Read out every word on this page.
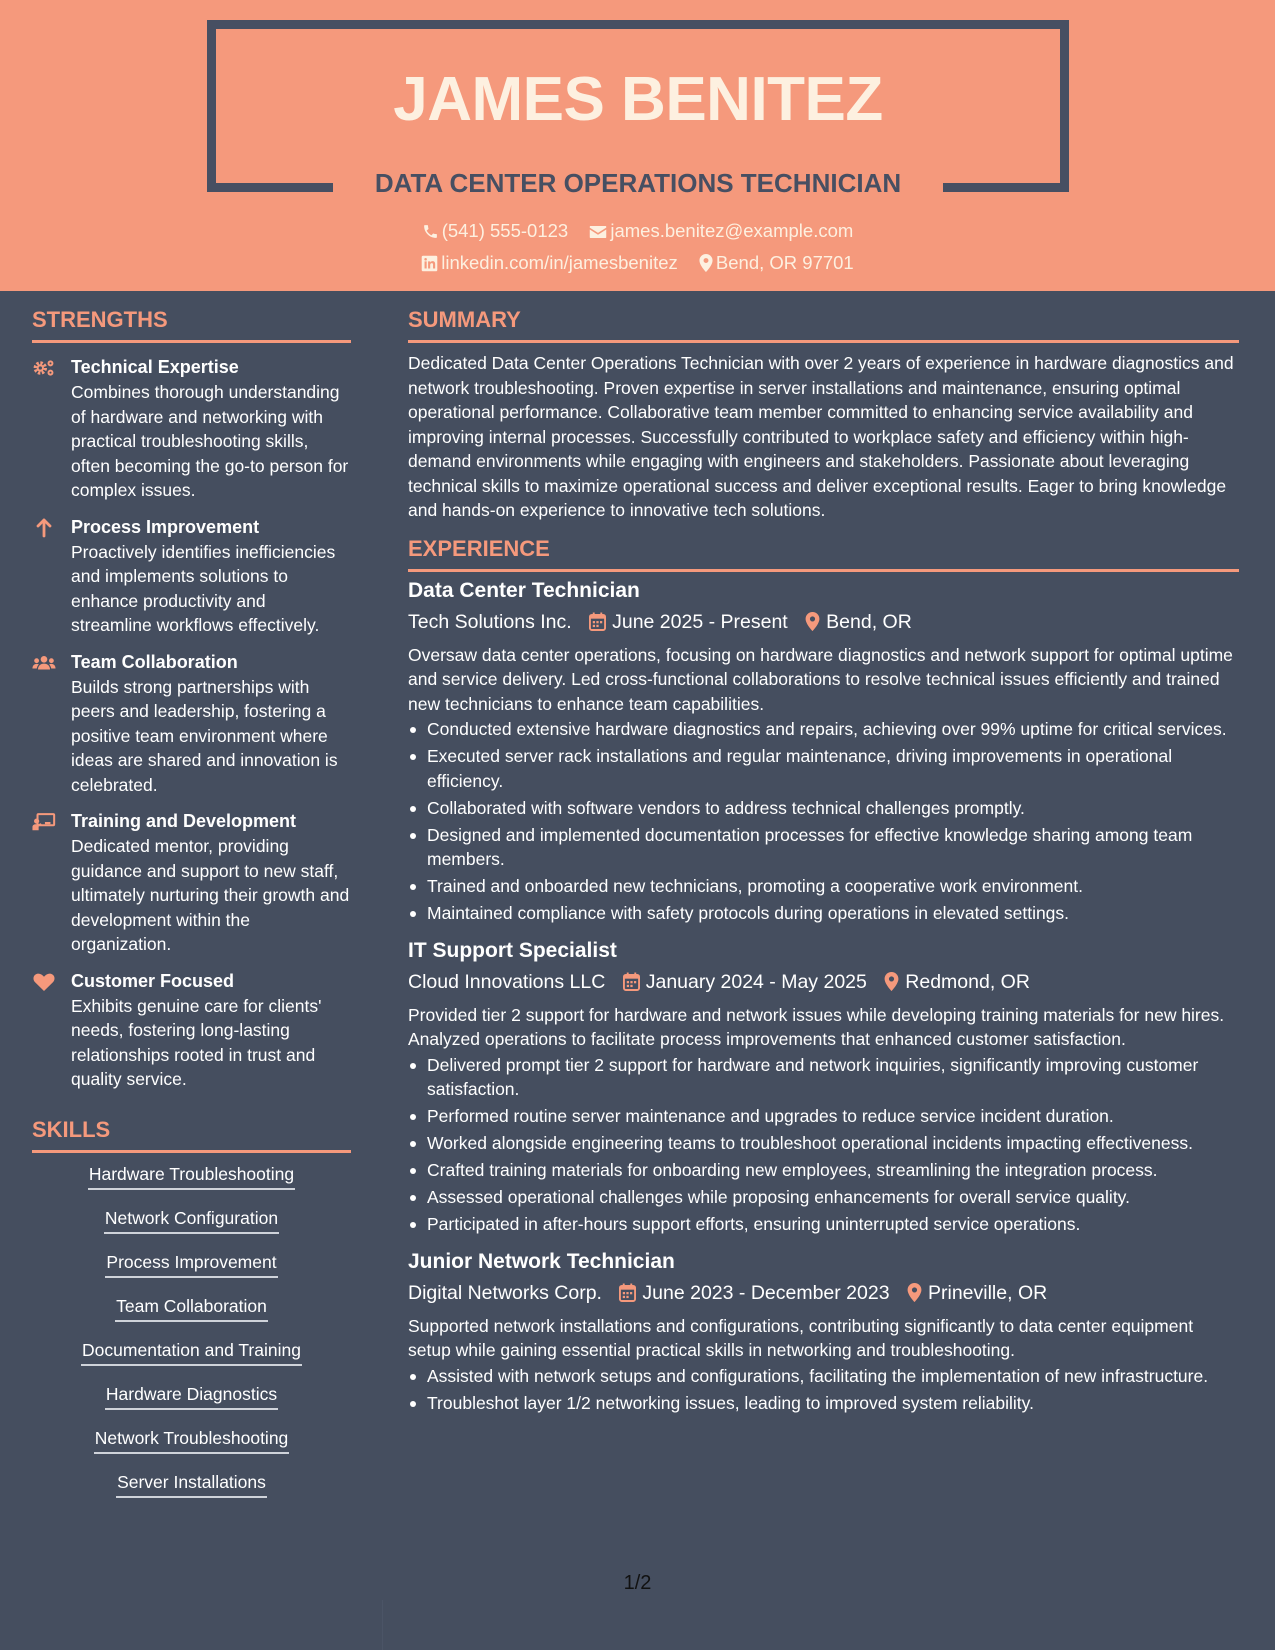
JAMES BENITEZ
DATA CENTER OPERATIONS TECHNICIAN
(541) 555-0123 james.benitez@example.com
linkedin.com/in/jamesbenitez Bend, OR 97701
STRENGTHS
Technical Expertise
Combines thorough understanding of hardware and networking with practical troubleshooting skills, often becoming the go-to person for complex issues.
Process Improvement
Proactively identifies inefficiencies and implements solutions to enhance productivity and streamline workflows effectively.
Team Collaboration
Builds strong partnerships with peers and leadership, fostering a positive team environment where ideas are shared and innovation is celebrated.
Training and Development
Dedicated mentor, providing guidance and support to new staff, ultimately nurturing their growth and development within the organization.
Customer Focused
Exhibits genuine care for clients' needs, fostering long-lasting relationships rooted in trust and quality service.
SKILLS
Hardware Troubleshooting
Network Configuration
Process Improvement
Team Collaboration
Documentation and Training
Hardware Diagnostics
Network Troubleshooting
Server Installations
SUMMARY
Dedicated Data Center Operations Technician with over 2 years of experience in hardware diagnostics and network troubleshooting. Proven expertise in server installations and maintenance, ensuring optimal operational performance. Collaborative team member committed to enhancing service availability and improving internal processes. Successfully contributed to workplace safety and efficiency within high-demand environments while engaging with engineers and stakeholders. Passionate about leveraging technical skills to maximize operational success and deliver exceptional results. Eager to bring knowledge and hands-on experience to innovative tech solutions.
EXPERIENCE
Data Center Technician
Tech Solutions Inc. June 2025 - Present Bend, OR
Oversaw data center operations, focusing on hardware diagnostics and network support for optimal uptime and service delivery. Led cross-functional collaborations to resolve technical issues efficiently and trained new technicians to enhance team capabilities.
Conducted extensive hardware diagnostics and repairs, achieving over 99% uptime for critical services.
Executed server rack installations and regular maintenance, driving improvements in operational efficiency.
Collaborated with software vendors to address technical challenges promptly.
Designed and implemented documentation processes for effective knowledge sharing among team members.
Trained and onboarded new technicians, promoting a cooperative work environment.
Maintained compliance with safety protocols during operations in elevated settings.
IT Support Specialist
Cloud Innovations LLC January 2024 - May 2025 Redmond, OR
Provided tier 2 support for hardware and network issues while developing training materials for new hires. Analyzed operations to facilitate process improvements that enhanced customer satisfaction.
Delivered prompt tier 2 support for hardware and network inquiries, significantly improving customer satisfaction.
Performed routine server maintenance and upgrades to reduce service incident duration.
Worked alongside engineering teams to troubleshoot operational incidents impacting effectiveness.
Crafted training materials for onboarding new employees, streamlining the integration process.
Assessed operational challenges while proposing enhancements for overall service quality.
Participated in after-hours support efforts, ensuring uninterrupted service operations.
Junior Network Technician
Digital Networks Corp. June 2023 - December 2023 Prineville, OR
Supported network installations and configurations, contributing significantly to data center equipment setup while gaining essential practical skills in networking and troubleshooting.
Assisted with network setups and configurations, facilitating the implementation of new infrastructure.
Troubleshot layer 1/2 networking issues, leading to improved system reliability.
1/2
